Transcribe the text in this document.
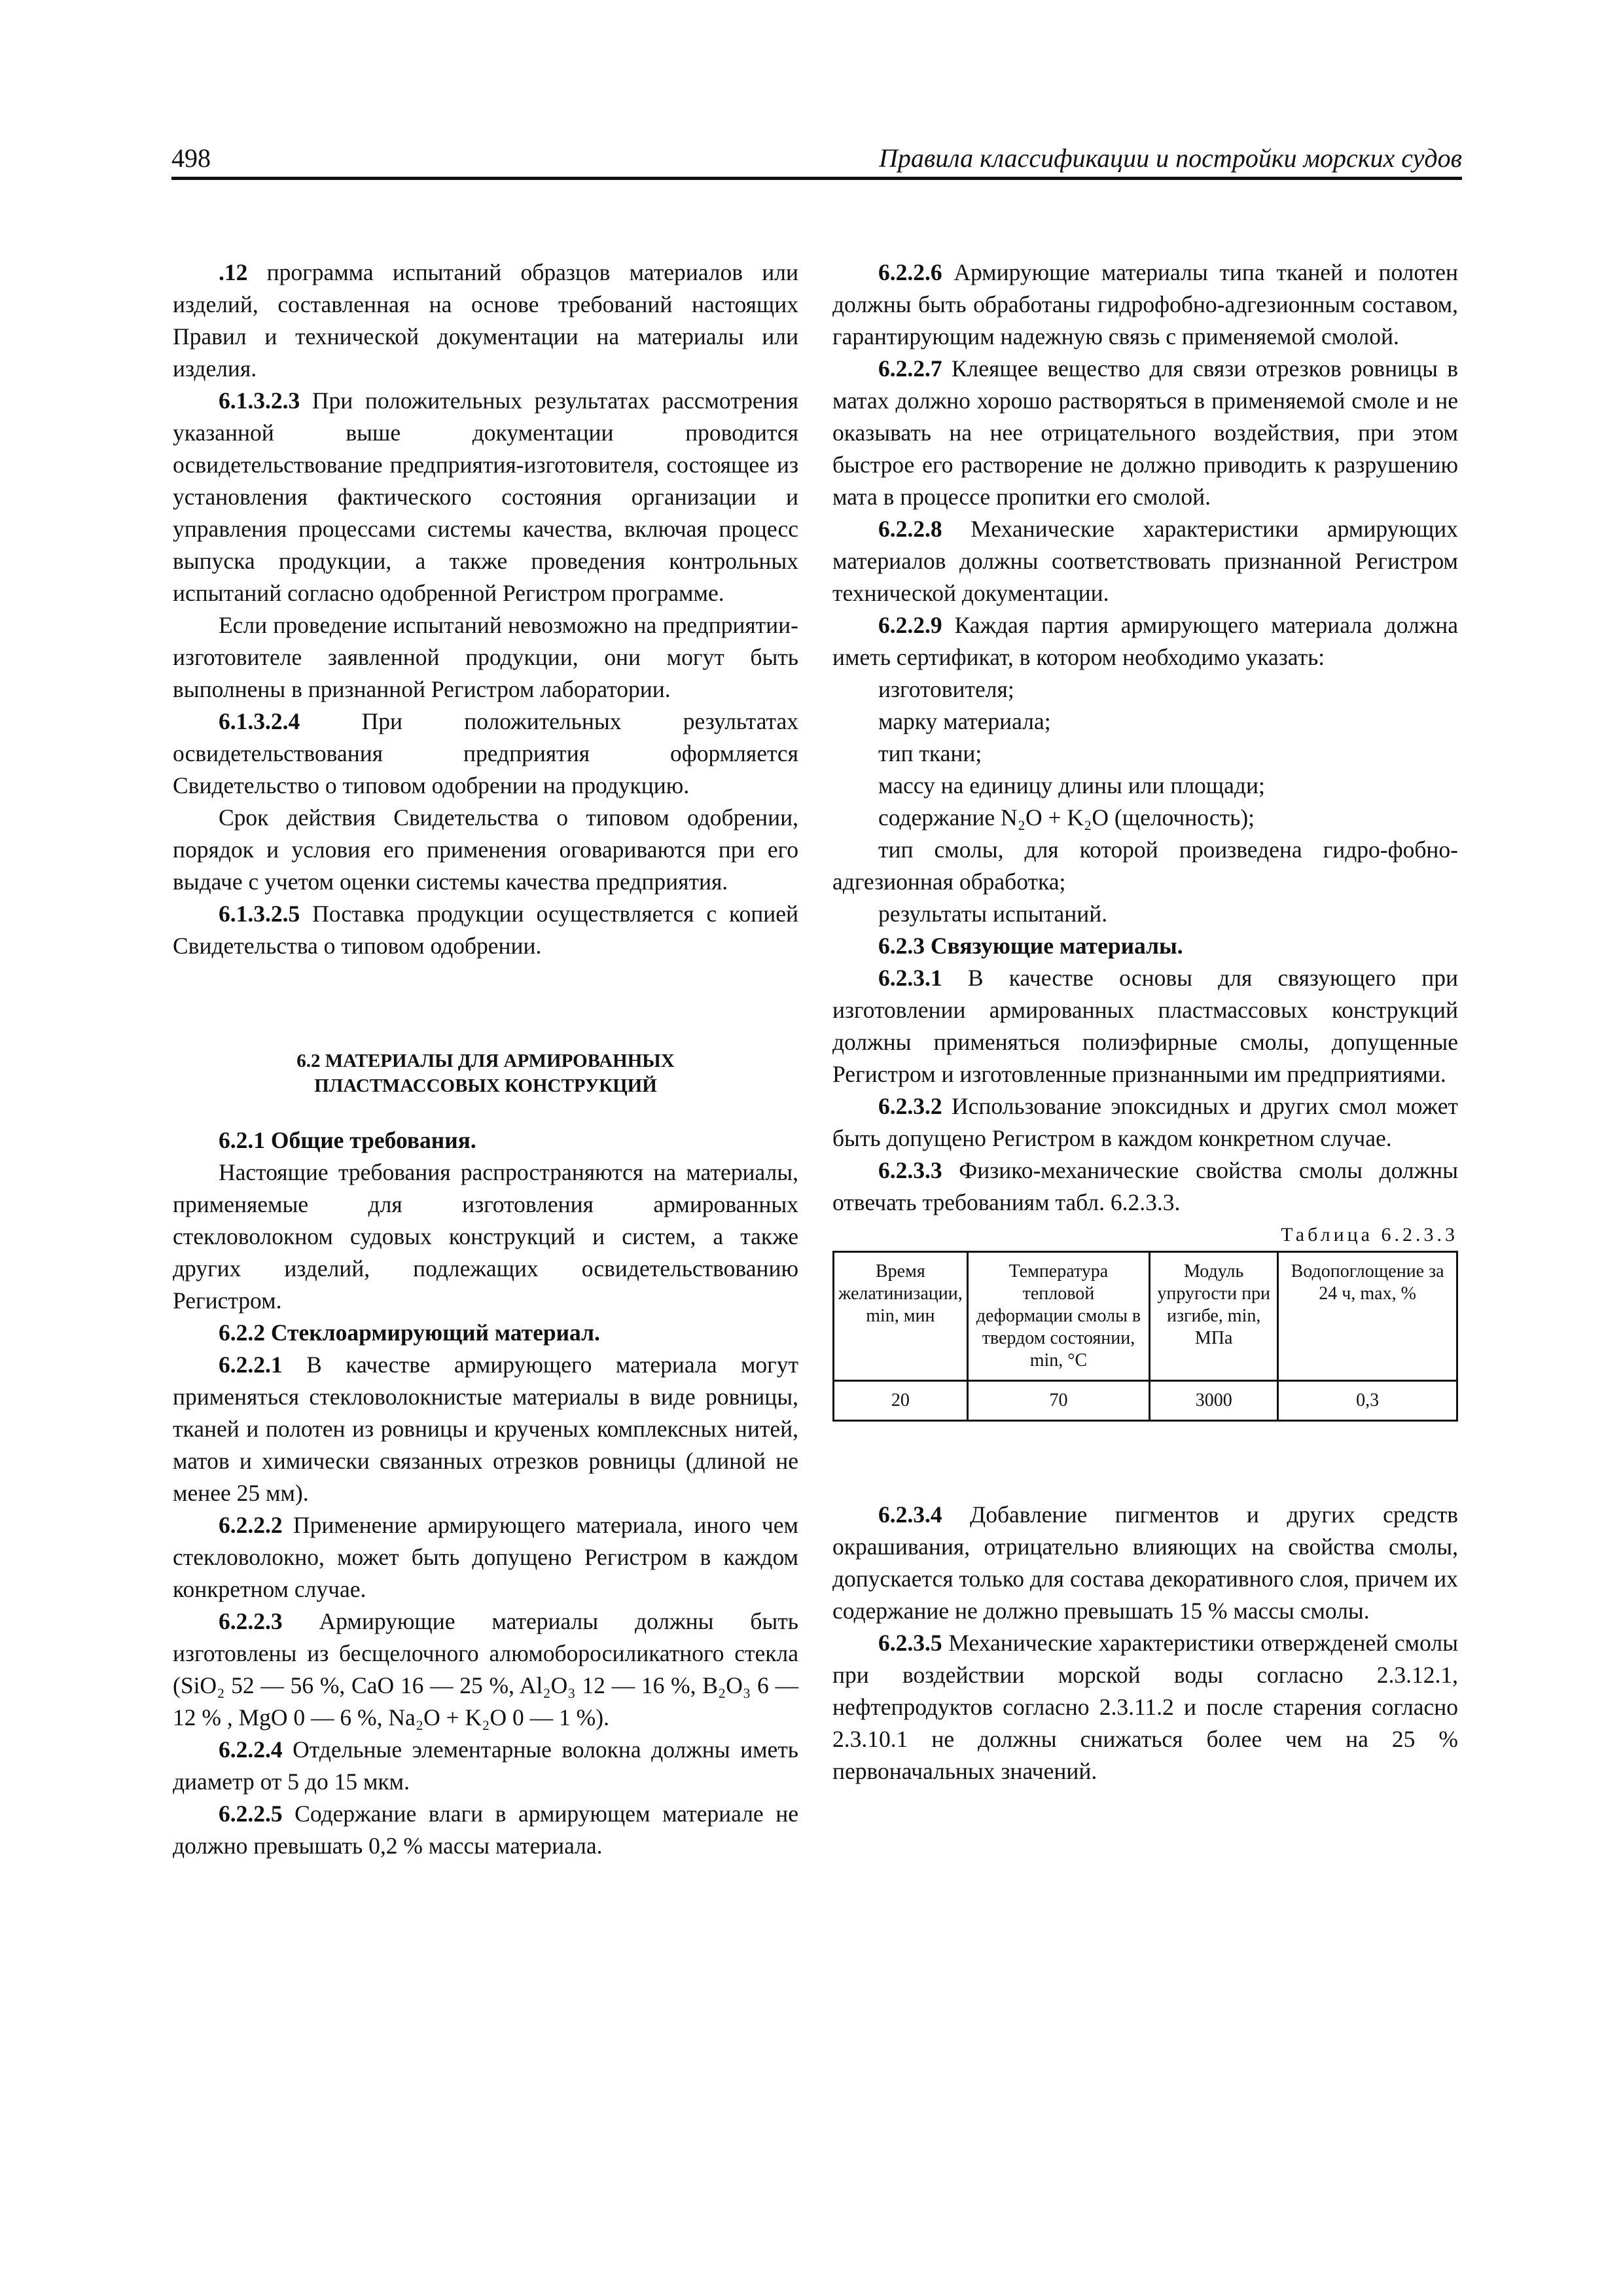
498	Правила классификации и постройки морских судов

.12 программа испытаний образцов материалов или изделий, составленная на основе требований настоящих Правил и технической документации на материалы или изделия.

6.1.3.2.3 При положительных результатах рассмотрения указанной выше документации проводится освидетельствование предприятия-изготовителя, состоящее из установления фактического состояния организации и управления процессами системы качества, включая процесс выпуска продукции, а также проведения контрольных испытаний согласно одобренной Регистром программе.

Если проведение испытаний невозможно на предприятии-изготовителе заявленной продукции, они могут быть выполнены в признанной Регистром лаборатории.

6.1.3.2.4 При положительных результатах освидетельствования предприятия оформляется Свидетельство о типовом одобрении на продукцию.

Срок действия Свидетельства о типовом одобрении, порядок и условия его применения оговариваются при его выдаче с учетом оценки системы качества предприятия.

6.1.3.2.5 Поставка продукции осуществляется с копией Свидетельства о типовом одобрении.

6.2 МАТЕРИАЛЫ ДЛЯ АРМИРОВАННЫХ
ПЛАСТМАССОВЫХ КОНСТРУКЦИЙ

6.2.1 Общие требования.

Настоящие требования распространяются на материалы, применяемые для изготовления армированных стекловолокном судовых конструкций и систем, а также других изделий, подлежащих освидетельствованию Регистром.

6.2.2 Стеклоармирующий материал.

6.2.2.1 В качестве армирующего материала могут применяться стекловолокнистые материалы в виде ровницы, тканей и полотен из ровницы и крученых комплексных нитей, матов и химически связанных отрезков ровницы (длиной не менее 25 мм).

6.2.2.2 Применение армирующего материала, иного чем стекловолокно, может быть допущено Регистром в каждом конкретном случае.

6.2.2.3 Армирующие материалы должны быть изготовлены из бесщелочного алюмоборосиликатного стекла (SiO₂ 52 — 56 %, CaO 16 — 25 %, Al₂O₃ 12 — 16 %, B₂O₃ 6 — 12 % , MgO 0 — 6 %, Na₂O + K₂O 0 — 1 %).

6.2.2.4 Отдельные элементарные волокна должны иметь диаметр от 5 до 15 мкм.

6.2.2.5 Содержание влаги в армирующем материале не должно превышать 0,2 % массы материала.

6.2.2.6 Армирующие материалы типа тканей и полотен должны быть обработаны гидрофобно-адгезионным составом, гарантирующим надежную связь с применяемой смолой.

6.2.2.7 Клеящее вещество для связи отрезков ровницы в матах должно хорошо растворяться в применяемой смоле и не оказывать на нее отрицательного воздействия, при этом быстрое его растворение не должно приводить к разрушению мата в процессе пропитки его смолой.

6.2.2.8 Механические характеристики армирующих материалов должны соответствовать признанной Регистром технической документации.

6.2.2.9 Каждая партия армирующего материала должна иметь сертификат, в котором необходимо указать:

изготовителя;

марку материала;

тип ткани;

массу на единицу длины или площади;

содержание N₂O + K₂O (щелочность);

тип смолы, для которой произведена гидро-фобно-адгезионная обработка;

результаты испытаний.

6.2.3 Связующие материалы.

6.2.3.1 В качестве основы для связующего при изготовлении армированных пластмассовых конструкций должны применяться полиэфирные смолы, допущенные Регистром и изготовленные признанными им предприятиями.

6.2.3.2 Использование эпоксидных и других смол может быть допущено Регистром в каждом конкретном случае.

6.2.3.3 Физико-механические свойства смолы должны отвечать требованиям табл. 6.2.3.3.

Таблица 6.2.3.3

Время желатинизации, min, мин	Температура тепловой деформации смолы в твердом состоянии, min, °С	Модуль упругости при изгибе, min, МПа	Водопоглощение за 24 ч, max, %
20	70	3000	0,3

6.2.3.4 Добавление пигментов и других средств окрашивания, отрицательно влияющих на свойства смолы, допускается только для состава декоративного слоя, причем их содержание не должно превышать 15 % массы смолы.

6.2.3.5 Механические характеристики отвержденей смолы при воздействии морской воды согласно 2.3.12.1, нефтепродуктов согласно 2.3.11.2 и после старения согласно 2.3.10.1 не должны снижаться более чем на 25 % первоначальных значений.
